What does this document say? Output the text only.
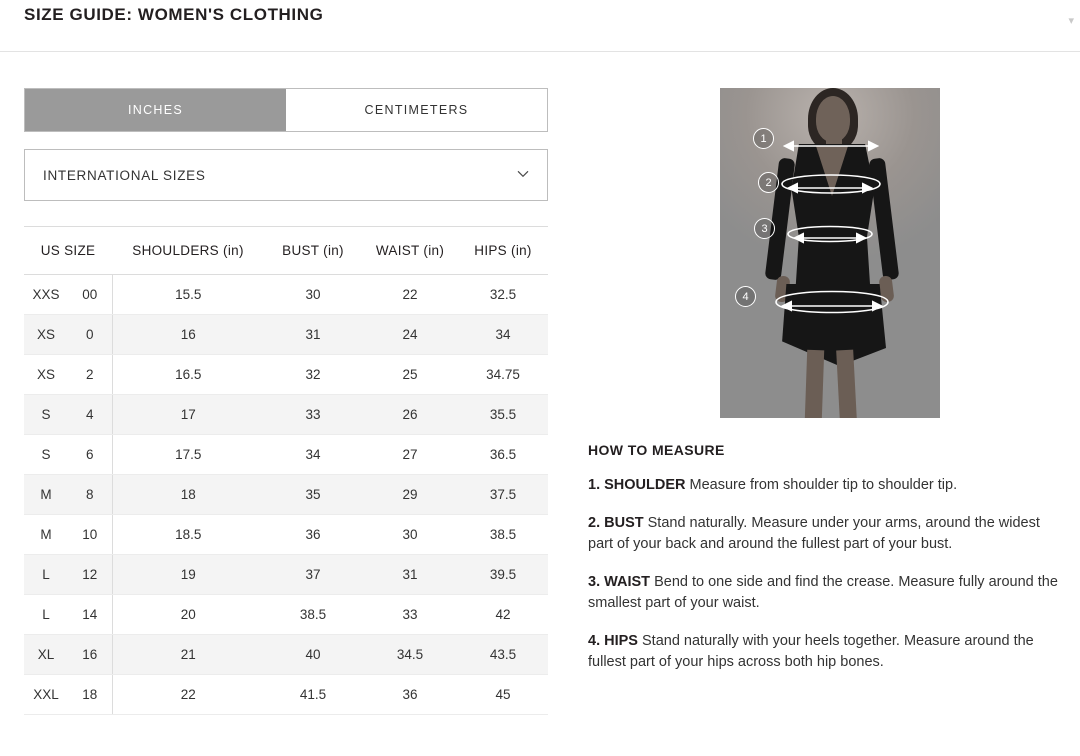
SIZE GUIDE: WOMEN'S CLOTHING	▾
INCHES	CENTIMETERS
INTERNATIONAL SIZES
US SIZE		SHOULDERS (in)	BUST (in)	WAIST (in)	HIPS (in)
XXS	00	15.5	30	22	32.5
XS	0	16	31	24	34
XS	2	16.5	32	25	34.75
S	4	17	33	26	35.5
S	6	17.5	34	27	36.5
M	8	18	35	29	37.5
M	10	18.5	36	30	38.5
L	12	19	37	31	39.5
L	14	20	38.5	33	42
XL	16	21	40	34.5	43.5
XXL	18	22	41.5	36	45
1
2
3
4
HOW TO MEASURE
1. SHOULDER Measure from shoulder tip to shoulder tip.
2. BUST Stand naturally. Measure under your arms, around the widest part of your back and around the fullest part of your bust.
3. WAIST Bend to one side and find the crease. Measure fully around the smallest part of your waist.
4. HIPS Stand naturally with your heels together. Measure around the fullest part of your hips across both hip bones.
